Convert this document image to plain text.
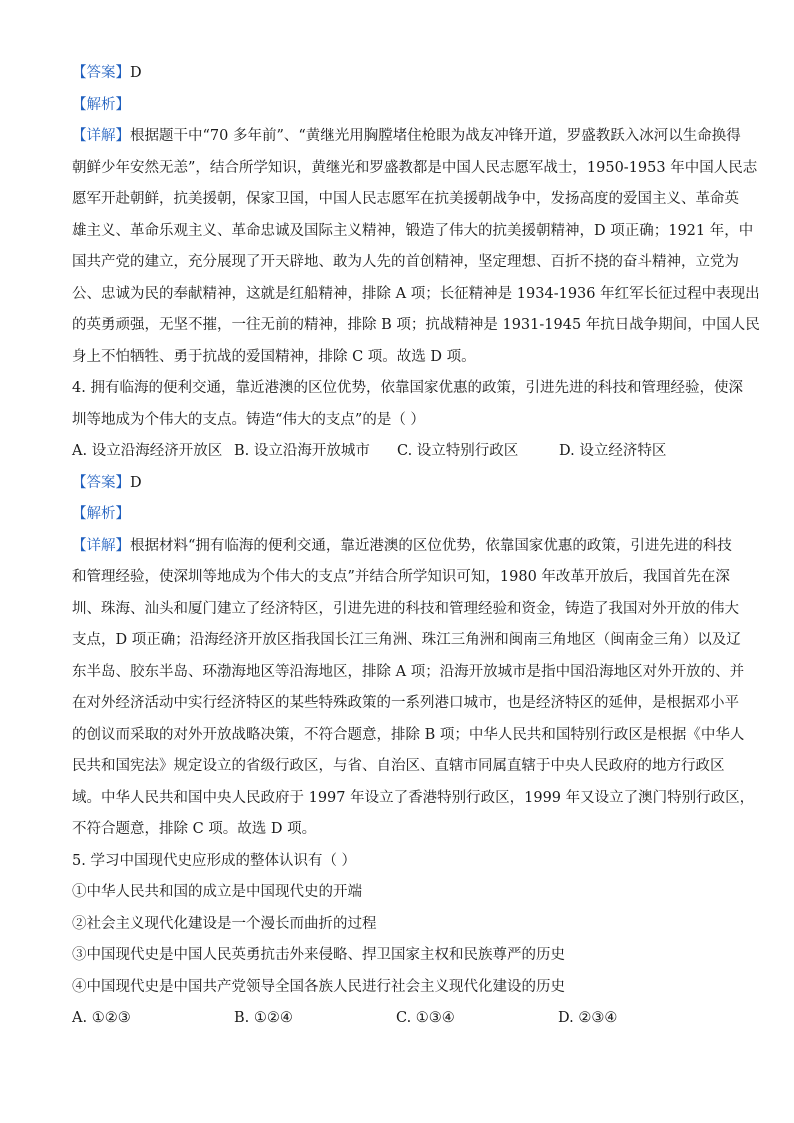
【答案】D
【解析】
【详解】根据题干中“70 多年前”、“黄继光用胸膛堵住枪眼为战友冲锋开道，罗盛教跃入冰河以生命换得
朝鲜少年安然无恙”，结合所学知识，黄继光和罗盛教都是中国人民志愿军战士，1950-1953 年中国人民志
愿军开赴朝鲜，抗美援朝，保家卫国，中国人民志愿军在抗美援朝战争中，发扬高度的爱国主义、革命英
雄主义、革命乐观主义、革命忠诚及国际主义精神，锻造了伟大的抗美援朝精神，D 项正确；1921 年，中
国共产党的建立，充分展现了开天辟地、敢为人先的首创精神，坚定理想、百折不挠的奋斗精神，立党为
公、忠诚为民的奉献精神，这就是红船精神，排除 A 项；长征精神是 1934-1936 年红军长征过程中表现出
的英勇顽强，无坚不摧，一往无前的精神，排除 B 项；抗战精神是 1931-1945 年抗日战争期间，中国人民
身上不怕牺牲、勇于抗战的爱国精神，排除 C 项。故选 D 项。
4. 拥有临海的便利交通，靠近港澳的区位优势，依靠国家优惠的政策，引进先进的科技和管理经验，使深
圳等地成为个伟大的支点。铸造“伟大的支点”的是（ ）
A. 设立沿海经济开放区 B. 设立沿海开放城市	C. 设立特别行政区	D. 设立经济特区
【答案】D
【解析】
【详解】根据材料“拥有临海的便利交通，靠近港澳的区位优势，依靠国家优惠的政策，引进先进的科技
和管理经验，使深圳等地成为个伟大的支点”并结合所学知识可知，1980 年改革开放后，我国首先在深
圳、珠海、汕头和厦门建立了经济特区，引进先进的科技和管理经验和资金，铸造了我国对外开放的伟大
支点，D 项正确；沿海经济开放区指我国长江三角洲、珠江三角洲和闽南三角地区（闽南金三角）以及辽
东半岛、胶东半岛、环渤海地区等沿海地区，排除 A 项；沿海开放城市是指中国沿海地区对外开放的、并
在对外经济活动中实行经济特区的某些特殊政策的一系列港口城市，也是经济特区的延伸，是根据邓小平
的创议而采取的对外开放战略决策，不符合题意，排除 B 项；中华人民共和国特别行政区是根据《中华人
民共和国宪法》规定设立的省级行政区，与省、自治区、直辖市同属直辖于中央人民政府的地方行政区
域。中华人民共和国中央人民政府于 1997 年设立了香港特别行政区，1999 年又设立了澳门特别行政区，
不符合题意，排除 C 项。故选 D 项。
5. 学习中国现代史应形成的整体认识有（ ）
①中华人民共和国的成立是中国现代史的开端
②社会主义现代化建设是一个漫长而曲折的过程
③中国现代史是中国人民英勇抗击外来侵略、捍卫国家主权和民族尊严的历史
④中国现代史是中国共产党领导全国各族人民进行社会主义现代化建设的历史
A. ①②③	B. ①②④	C. ①③④	D. ②③④
